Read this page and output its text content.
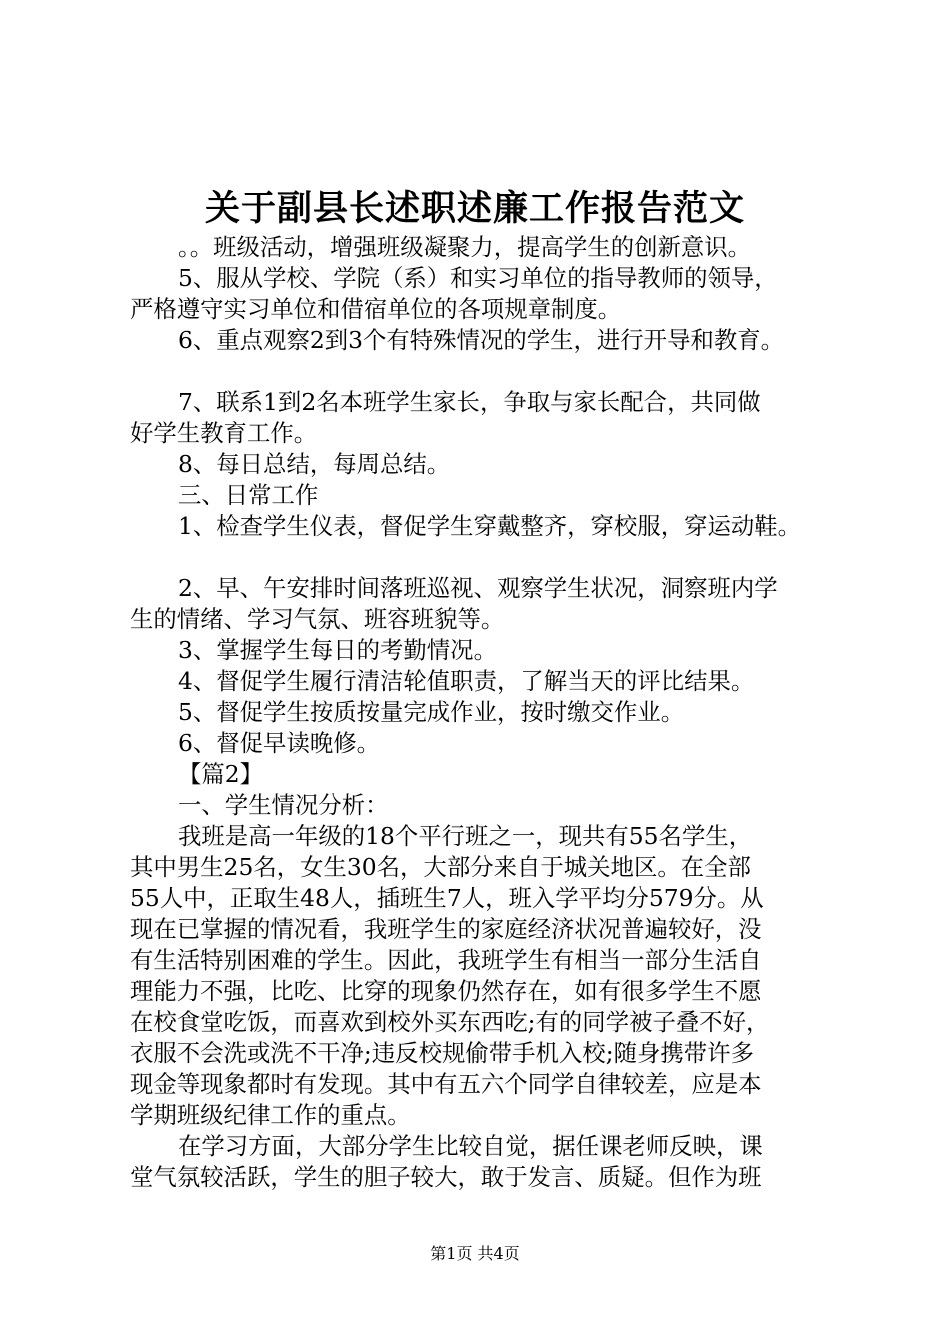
关于副县长述职述廉工作报告范文

。。班级活动，增强班级凝聚力，提高学生的创新意识。

5、服从学校、学院（系）和实习单位的指导教师的领导，

严格遵守实习单位和借宿单位的各项规章制度。

6、重点观察2到3个有特殊情况的学生，进行开导和教育。

7、联系1到2名本班学生家长，争取与家长配合，共同做

好学生教育工作。

8、每日总结，每周总结。

三、日常工作

1、检查学生仪表，督促学生穿戴整齐，穿校服，穿运动鞋。

2、早、午安排时间落班巡视、观察学生状况，洞察班内学

生的情绪、学习气氛、班容班貌等。

3、掌握学生每日的考勤情况。

4、督促学生履行清洁轮值职责，了解当天的评比结果。

5、督促学生按质按量完成作业，按时缴交作业。

6、督促早读晚修。

【篇2】

一、学生情况分析：

我班是高一年级的18个平行班之一，现共有55名学生，

其中男生25名，女生30名，大部分来自于城关地区。在全部

55人中，正取生48人，插班生7人，班入学平均分579分。从

现在已掌握的情况看，我班学生的家庭经济状况普遍较好，没

有生活特别困难的学生。因此，我班学生有相当一部分生活自

理能力不强，比吃、比穿的现象仍然存在，如有很多学生不愿

在校食堂吃饭，而喜欢到校外买东西吃;有的同学被子叠不好，

衣服不会洗或洗不干净;违反校规偷带手机入校;随身携带许多

现金等现象都时有发现。其中有五六个同学自律较差，应是本

学期班级纪律工作的重点。

在学习方面，大部分学生比较自觉，据任课老师反映，课

堂气氛较活跃，学生的胆子较大，敢于发言、质疑。但作为班

第1页 共4页
